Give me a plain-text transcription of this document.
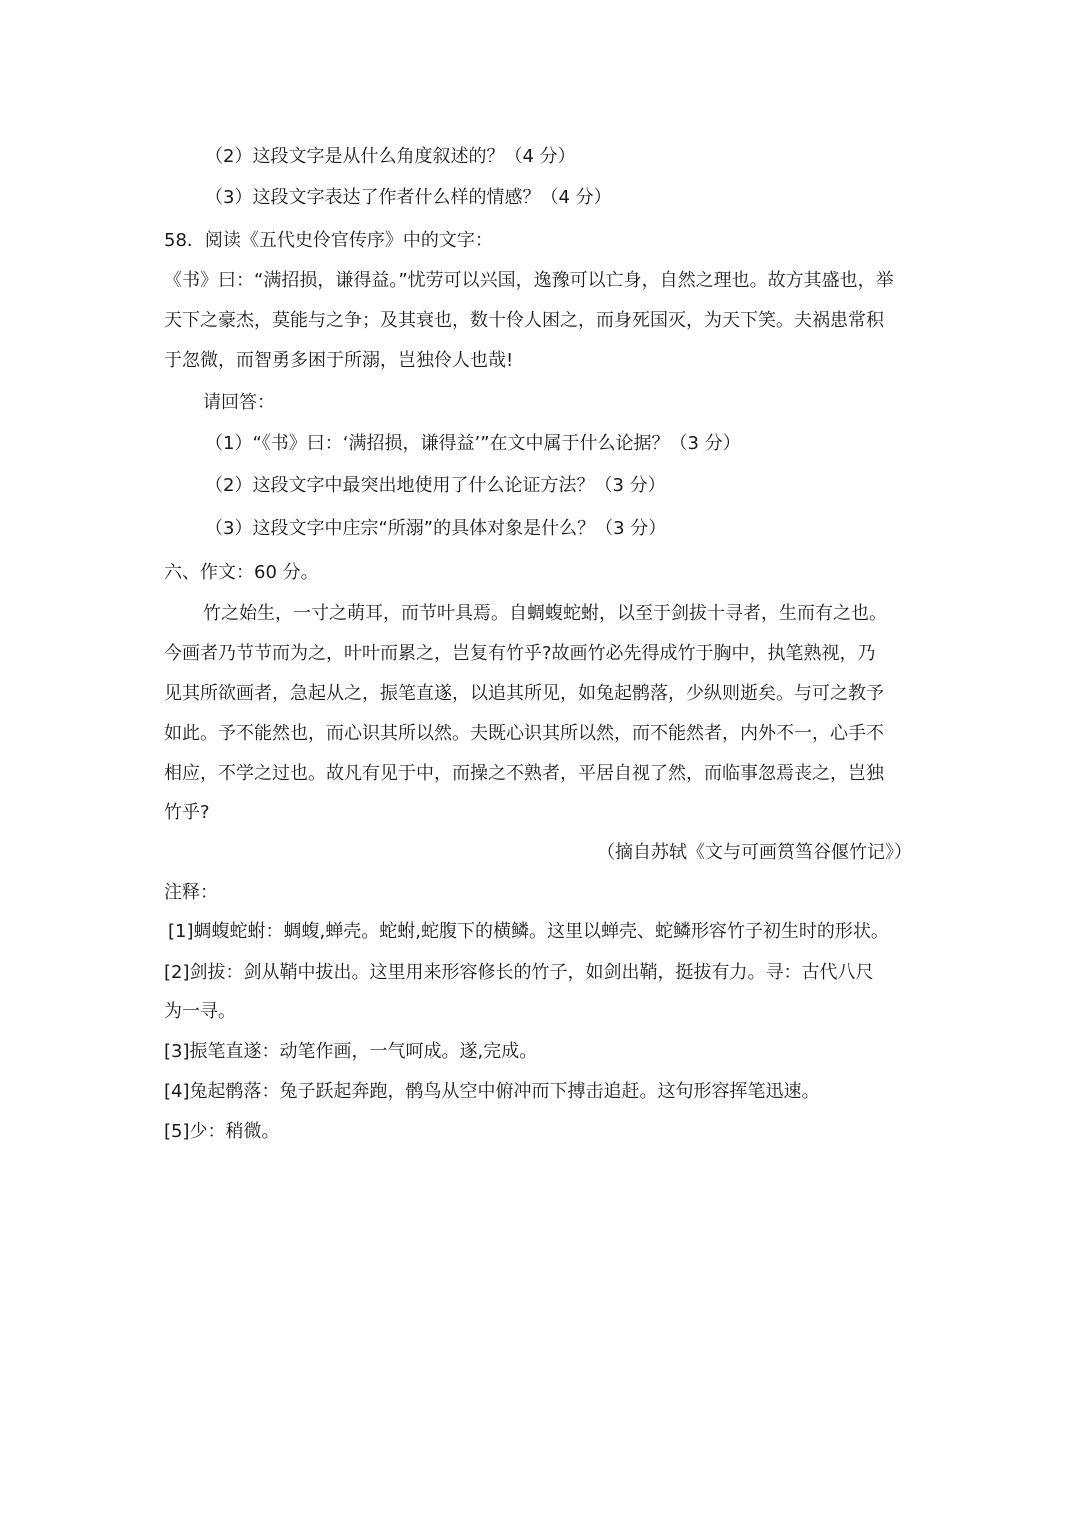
（2）这段文字是从什么角度叙述的？（4 分）
（3）这段文字表达了作者什么样的情感？（4 分）
58．阅读《五代史伶官传序》中的文字：
《书》曰：“满招损，谦得益。”忧劳可以兴国，逸豫可以亡身，自然之理也。故方其盛也，举
天下之豪杰，莫能与之争；及其衰也，数十伶人困之，而身死国灭，为天下笑。夫祸患常积
于忽微，而智勇多困于所溺，岂独伶人也哉!
请回答：
（1）“《书》曰：‘满招损，谦得益’”在文中属于什么论据？（3 分）
（2）这段文字中最突出地使用了什么论证方法？（3 分）
（3）这段文字中庄宗“所溺”的具体对象是什么？（3 分）
六、作文：60 分。
竹之始生，一寸之萌耳，而节叶具焉。自蜩蝮蛇蚹，以至于剑拔十寻者，生而有之也。
今画者乃节节而为之，叶叶而累之，岂复有竹乎?故画竹必先得成竹于胸中，执笔熟视，乃
见其所欲画者，急起从之，振笔直遂，以追其所见，如兔起鹘落，少纵则逝矣。与可之教予
如此。予不能然也，而心识其所以然。夫既心识其所以然，而不能然者，内外不一，心手不
相应，不学之过也。故凡有见于中，而操之不熟者，平居自视了然，而临事忽焉丧之，岂独
竹乎?
（摘自苏轼《文与可画筼筜谷偃竹记》）
注释：
[1]蜩蝮蛇蚹：蜩蝮,蝉壳。蛇蚹,蛇腹下的横鳞。这里以蝉壳、蛇鳞形容竹子初生时的形状。
[2]剑拔：剑从鞘中拔出。这里用来形容修长的竹子，如剑出鞘，挺拔有力。寻：古代八尺
为一寻。
[3]振笔直遂：动笔作画，一气呵成。遂,完成。
[4]兔起鹘落：兔子跃起奔跑，鹘鸟从空中俯冲而下搏击追赶。这句形容挥笔迅速。
[5]少：稍微。
